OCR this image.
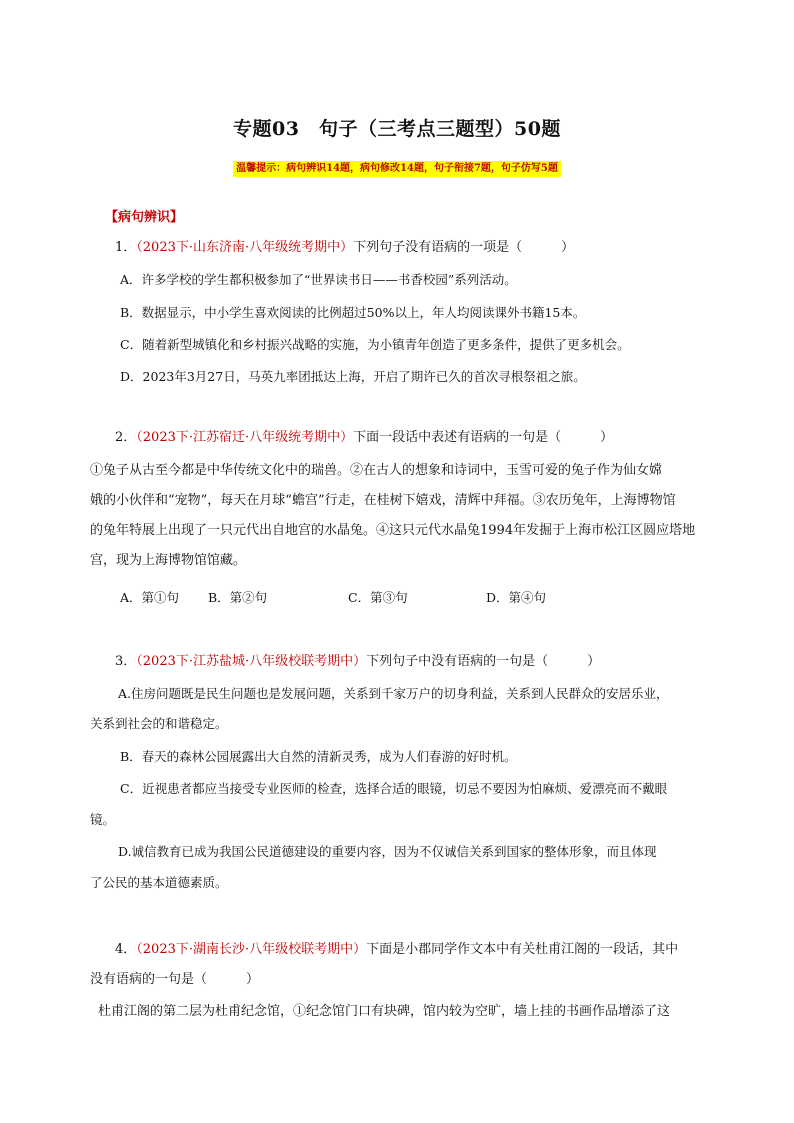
专题03　句子（三考点三题型）50题
温馨提示：病句辨识14题，病句修改14题，句子衔接7题，句子仿写5题
【病句辨识】
1．（2023下·山东济南·八年级统考期中）下列句子没有语病的一项是（　　　）
A．许多学校的学生都积极参加了“世界读书日——书香校园”系列活动。
B．数据显示，中小学生喜欢阅读的比例超过50%以上，年人均阅读课外书籍15本。
C．随着新型城镇化和乡村振兴战略的实施，为小镇青年创造了更多条件，提供了更多机会。
D．2023年3月27日，马英九率团抵达上海，开启了期许已久的首次寻根祭祖之旅。
2．（2023下·江苏宿迁·八年级统考期中）下面一段话中表述有语病的一句是（　　　）
①兔子从古至今都是中华传统文化中的瑞兽。②在古人的想象和诗词中，玉雪可爱的兔子作为仙女嫦
娥的小伙伴和“宠物”，每天在月球“蟾宫”行走，在桂树下嬉戏，清辉中拜福。③农历兔年，上海博物馆
的兔年特展上出现了一只元代出自地宫的水晶兔。④这只元代水晶兔1994年发掘于上海市松江区圆应塔地
宫，现为上海博物馆馆藏。
A．第①句 B．第②句	C．第③句	D．第④句
3．（2023下·江苏盐城·八年级校联考期中）下列句子中没有语病的一句是（　　　）
A.住房问题既是民生问题也是发展问题，关系到千家万户的切身利益，关系到人民群众的安居乐业，
关系到社会的和谐稳定。
B．春天的森林公园展露出大自然的清新灵秀，成为人们春游的好时机。
C．近视患者都应当接受专业医师的检查，选择合适的眼镜，切忌不要因为怕麻烦、爱漂亮而不戴眼
镜。
D.诚信教育已成为我国公民道德建设的重要内容，因为不仅诚信关系到国家的整体形象，而且体现
了公民的基本道德素质。
4．（2023下·湖南长沙·八年级校联考期中）下面是小郡同学作文本中有关杜甫江阁的一段话，其中
没有语病的一句是（　　　）
杜甫江阁的第二层为杜甫纪念馆，①纪念馆门口有块碑，馆内较为空旷，墙上挂的书画作品增添了这
